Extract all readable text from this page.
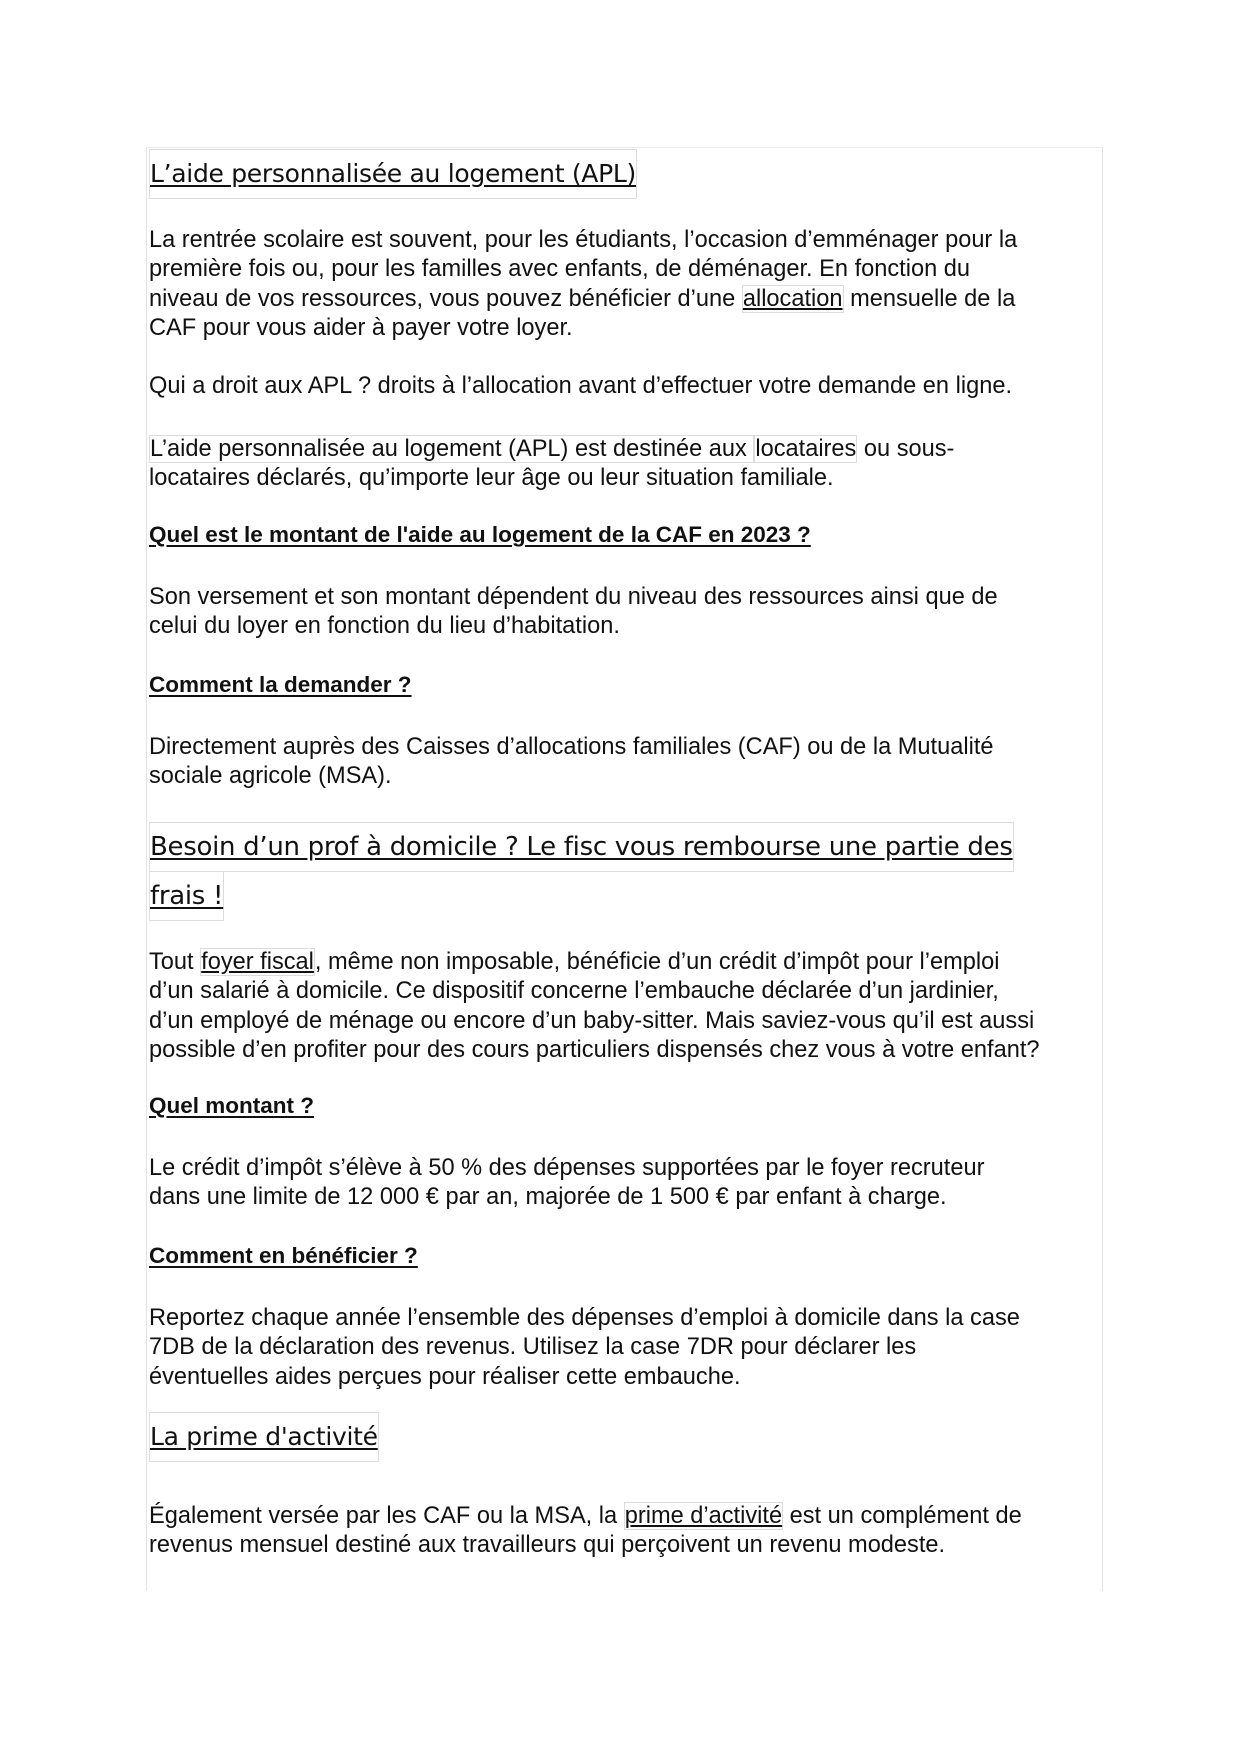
L’aide personnalisée au logement (APL)

La rentrée scolaire est souvent, pour les étudiants, l’occasion d’emménager pour la
première fois ou, pour les familles avec enfants, de déménager. En fonction du
niveau de vos ressources, vous pouvez bénéficier d’une allocation mensuelle de la
CAF pour vous aider à payer votre loyer.

Qui a droit aux APL ? droits à l’allocation avant d’effectuer votre demande en ligne.

L’aide personnalisée au logement (APL) est destinée aux locataires ou sous-
locataires déclarés, qu’importe leur âge ou leur situation familiale.

Quel est le montant de l'aide au logement de la CAF en 2023 ?

Son versement et son montant dépendent du niveau des ressources ainsi que de
celui du loyer en fonction du lieu d’habitation.

Comment la demander ?

Directement auprès des Caisses d’allocations familiales (CAF) ou de la Mutualité
sociale agricole (MSA).

Besoin d’un prof à domicile ? Le fisc vous rembourse une partie des
frais !

Tout foyer fiscal, même non imposable, bénéficie d’un crédit d’impôt pour l’emploi
d’un salarié à domicile. Ce dispositif concerne l’embauche déclarée d’un jardinier,
d’un employé de ménage ou encore d’un baby-sitter. Mais saviez-vous qu’il est aussi
possible d’en profiter pour des cours particuliers dispensés chez vous à votre enfant?

Quel montant ?

Le crédit d’impôt s’élève à 50 % des dépenses supportées par le foyer recruteur
dans une limite de 12 000 € par an, majorée de 1 500 € par enfant à charge.

Comment en bénéficier ?

Reportez chaque année l’ensemble des dépenses d’emploi à domicile dans la case
7DB de la déclaration des revenus. Utilisez la case 7DR pour déclarer les
éventuelles aides perçues pour réaliser cette embauche.

La prime d'activité

Également versée par les CAF ou la MSA, la prime d’activité est un complément de
revenus mensuel destiné aux travailleurs qui perçoivent un revenu modeste.
